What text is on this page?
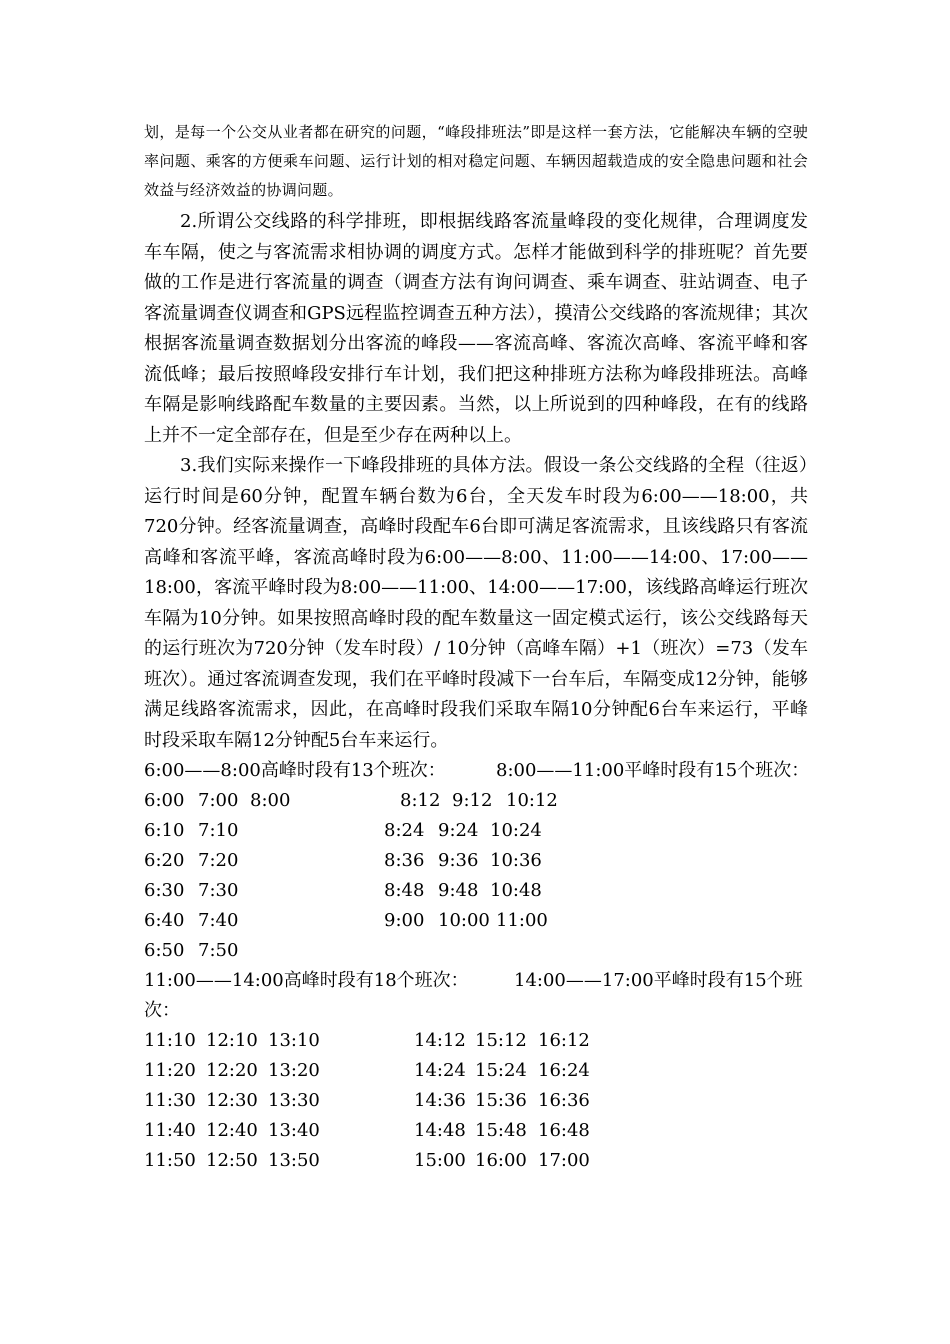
划，是每一个公交从业者都在研究的问题，“峰段排班法”即是这样一套方法，它能解决车辆的空驶率问题、乘客的方便乘车问题、运行计划的相对稳定问题、车辆因超载造成的安全隐患问题和社会效益与经济效益的协调问题。

2.所谓公交线路的科学排班，即根据线路客流量峰段的变化规律，合理调度发车车隔，使之与客流需求相协调的调度方式。怎样才能做到科学的排班呢？首先要做的工作是进行客流量的调查（调查方法有询问调查、乘车调查、驻站调查、电子客流量调查仪调查和GPS远程监控调查五种方法），摸清公交线路的客流规律；其次根据客流量调查数据划分出客流的峰段——客流高峰、客流次高峰、客流平峰和客流低峰；最后按照峰段安排行车计划，我们把这种排班方法称为峰段排班法。高峰车隔是影响线路配车数量的主要因素。当然，以上所说到的四种峰段，在有的线路上并不一定全部存在，但是至少存在两种以上。

3.我们实际来操作一下峰段排班的具体方法。假设一条公交线路的全程（往返）运行时间是60分钟，配置车辆台数为6台，全天发车时段为6:00——18:00，共720分钟。经客流量调查，高峰时段配车6台即可满足客流需求，且该线路只有客流高峰和客流平峰，客流高峰时段为6:00——8:00、11:00——14:00、17:00——18:00，客流平峰时段为8:00——11:00、14:00——17:00，该线路高峰运行班次车隔为10分钟。如果按照高峰时段的配车数量这一固定模式运行，该公交线路每天的运行班次为720分钟（发车时段）/ 10分钟（高峰车隔）+1（班次）=73（发车班次）。通过客流调查发现，我们在平峰时段减下一台车后，车隔变成12分钟，能够满足线路客流需求，因此，在高峰时段我们采取车隔10分钟配6台车来运行，平峰时段采取车隔12分钟配5台车来运行。

6:00——8:00高峰时段有13个班次：	8:00——11:00平峰时段有15个班次：
6:00 7:00 8:00	8:12 9:12 10:12
6:10 7:10	8:24 9:24 10:24
6:20 7:20	8:36 9:36 10:36
6:30 7:30	8:48 9:48 10:48
6:40 7:40	9:00 10:00 11:00
6:50 7:50
11:00——14:00高峰时段有18个班次：	14:00——17:00平峰时段有15个班
次：
11:10 12:10 13:10	14:12 15:12 16:12
11:20 12:20 13:20	14:24 15:24 16:24
11:30 12:30 13:30	14:36 15:36 16:36
11:40 12:40 13:40	14:48 15:48 16:48
11:50 12:50 13:50	15:00 16:00 17:00
